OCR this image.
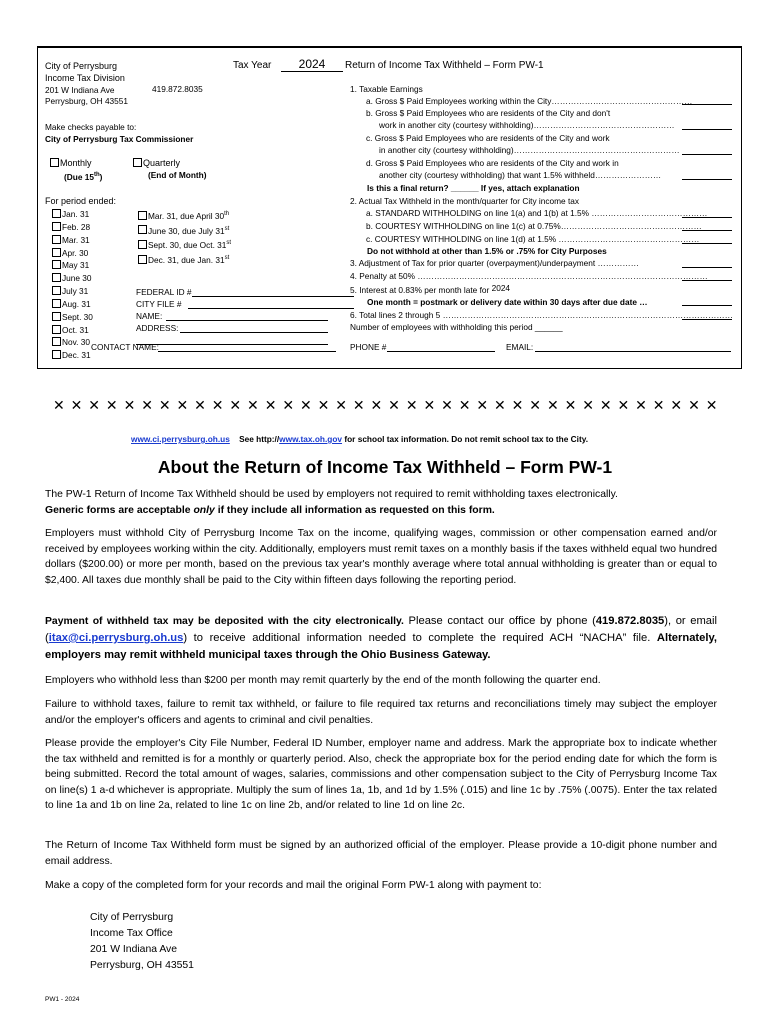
City of Perrysburg
Income Tax Division
201 W Indiana Ave	419.872.8035
Perrysburg, OH 43551
Make checks payable to:
City of Perrysburg Tax Commissioner
Tax Year	2024	Return of Income Tax Withheld – Form PW-1
Monthly
(Due 15th)
Quarterly
(End of Month)
For period ended:
Jan. 31
Feb. 28
Mar. 31
Apr. 30
May 31
June 30
July 31
Aug. 31
Sept. 30
Oct. 31
Nov. 30
Dec. 31
Mar. 31, due April 30th
June 30, due July 31st
Sept. 30, due Oct. 31st
Dec. 31, due Jan. 31st
FEDERAL ID #
CITY FILE #
NAME:
ADDRESS:
1. Taxable Earnings
a. Gross $ Paid Employees working within the City……………………………………………
b. Gross $ Paid Employees who are residents of the City and don't
work in another city (courtesy withholding)……………………………………………
c. Gross $ Paid Employees who are residents of the City and work
in another city (courtesy withholding)……………………………………………………
d. Gross $ Paid Employees who are residents of the City and work in
another city (courtesy withholding) that want 1.5% withheld……………………
Is this a final return? ______ If yes, attach explanation
2. Actual Tax Withheld in the month/quarter for City income tax
a. STANDARD WITHHOLDING on line 1(a) and 1(b) at 1.5% ……………………………………
b. COURTESY WITHHOLDING on line 1(c) at 0.75%……………………………………………
c. COURTESY WITHHOLDING on line 1(d) at 1.5% ……………………………………………
Do not withhold at other than 1.5% or .75% for City Purposes
3. Adjustment of Tax for prior quarter (overpayment)/underpayment ……………
4. Penalty at 50% ……………………………………………………………………………………………
5. Interest at 0.83% per month late for 2024
One month = postmark or delivery date within 30 days after due date …
6. Total lines 2 through 5 ……………………………………………………………………………………………
Number of employees with withholding this period ______
CONTACT NAME:	PHONE #	EMAIL:
✕ ✕ ✕ ✕ ✕ ✕ ✕ ✕ ✕ ✕ ✕ ✕ ✕ ✕ ✕ ✕ ✕ ✕ ✕ ✕ ✕ ✕ ✕ ✕ ✕ ✕ ✕ ✕ ✕ ✕ ✕ ✕ ✕ ✕ ✕ ✕ ✕ ✕
www.ci.perrysburg.oh.us See http://www.tax.oh.gov for school tax information. Do not remit school tax to the City.
About the Return of Income Tax Withheld – Form PW-1
The PW-1 Return of Income Tax Withheld should be used by employers not required to remit withholding taxes electronically.
Generic forms are acceptable only if they include all information as requested on this form.
Employers must withhold City of Perrysburg Income Tax on the income, qualifying wages, commission or other compensation earned and/or received by employees working within the city. Additionally, employers must remit taxes on a monthly basis if the taxes withheld equal two hundred dollars ($200.00) or more per month, based on the previous tax year's monthly average where total annual withholding is greater than or equal to $2,400. All taxes due monthly shall be paid to the City within fifteen days following the reporting period.
Payment of withheld tax may be deposited with the city electronically. Please contact our office by phone (419.872.8035), or email (itax@ci.perrysburg.oh.us) to receive additional information needed to complete the required ACH “NACHA” file. Alternately, employers may remit withheld municipal taxes through the Ohio Business Gateway.
Employers who withhold less than $200 per month may remit quarterly by the end of the month following the quarter end.
Failure to withhold taxes, failure to remit tax withheld, or failure to file required tax returns and reconciliations timely may subject the employer and/or the employer's officers and agents to criminal and civil penalties.
Please provide the employer's City File Number, Federal ID Number, employer name and address. Mark the appropriate box to indicate whether the tax withheld and remitted is for a monthly or quarterly period. Also, check the appropriate box for the period ending date for which the form is being submitted. Record the total amount of wages, salaries, commissions and other compensation subject to the City of Perrysburg Income Tax on line(s) 1 a-d whichever is appropriate. Multiply the sum of lines 1a, 1b, and 1d by 1.5% (.015) and line 1c by .75% (.0075). Enter the tax related to line 1a and 1b on line 2a, related to line 1c on line 2b, and/or related to line 1d on line 2c.
The Return of Income Tax Withheld form must be signed by an authorized official of the employer. Please provide a 10-digit phone number and email address.
Make a copy of the completed form for your records and mail the original Form PW-1 along with payment to:
City of Perrysburg
Income Tax Office
201 W Indiana Ave
Perrysburg, OH 43551
PW1 - 2024
